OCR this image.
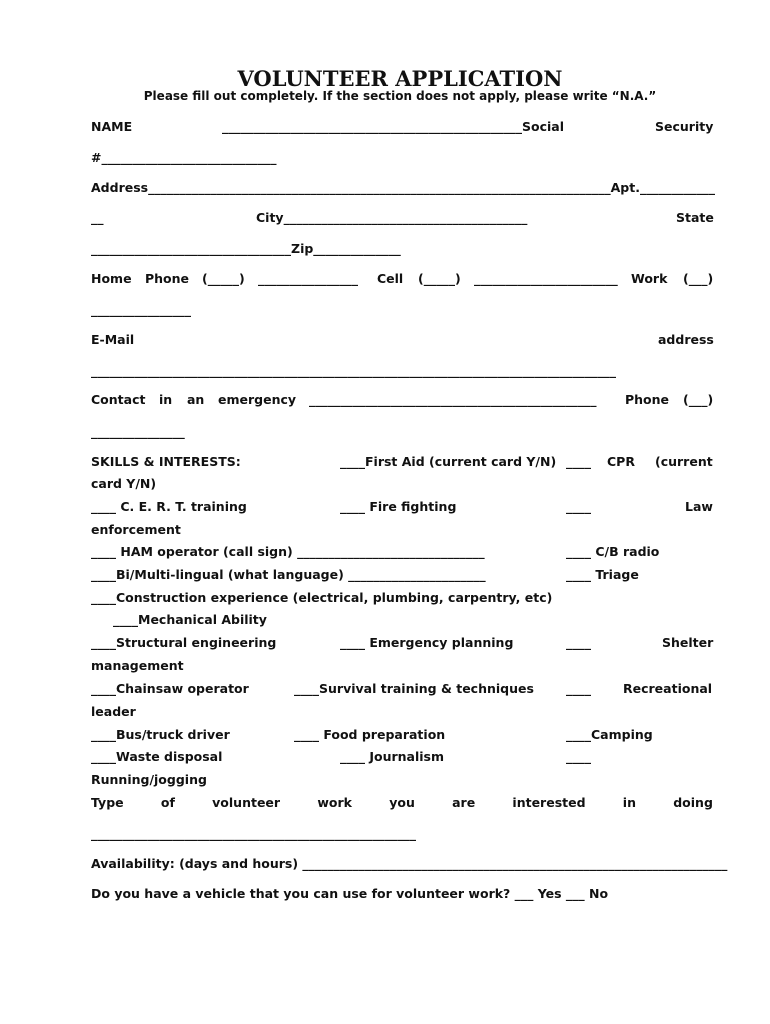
VOLUNTEER APPLICATION
Please fill out completely. If the section does not apply, please write “N.A.”
NAME	________________________________________________Social	Security
#____________________________
Address__________________________________________________________________________Apt.____________
__	City_______________________________________	State
________________________________Zip______________
Home Phone (_____) ________________ Cell (_____) _______________________ Work (___)
________________
E-Mail	address
____________________________________________________________________________________
Contact in an emergency ______________________________________________ Phone (___)
_______________
SKILLS & INTERESTS:	____First Aid (current card Y/N) ____ CPR (current
card Y/N)
____ C. E. R. T. training	____ Fire fighting	____	Law
enforcement
____ HAM operator (call sign) ______________________________	____ C/B radio
____Bi/Multi-lingual (what language) ______________________	____ Triage
____Construction experience (electrical, plumbing, carpentry, etc)
____Mechanical Ability
____Structural engineering	____ Emergency planning	____	Shelter
management
____Chainsaw operator	____Survival training & techniques	____	Recreational
leader
____Bus/truck driver	____ Food preparation	____Camping
____Waste disposal	____ Journalism	____
Running/jogging
Type	of	volunteer	work	you	are	interested	in	doing
____________________________________________________
Availability: (days and hours) ____________________________________________________________________
Do you have a vehicle that you can use for volunteer work? ___ Yes ___ No
